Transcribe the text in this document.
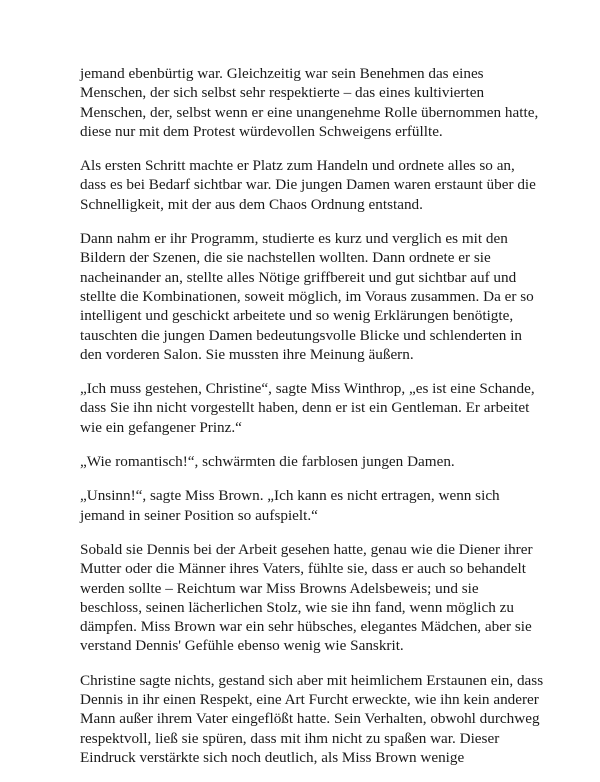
jemand ebenbürtig war. Gleichzeitig war sein Benehmen das eines
Menschen, der sich selbst sehr respektierte – das eines kultivierten
Menschen, der, selbst wenn er eine unangenehme Rolle übernommen hatte,
diese nur mit dem Protest würdevollen Schweigens erfüllte.

Als ersten Schritt machte er Platz zum Handeln und ordnete alles so an,
dass es bei Bedarf sichtbar war. Die jungen Damen waren erstaunt über die
Schnelligkeit, mit der aus dem Chaos Ordnung entstand.

Dann nahm er ihr Programm, studierte es kurz und verglich es mit den
Bildern der Szenen, die sie nachstellen wollten. Dann ordnete er sie
nacheinander an, stellte alles Nötige griffbereit und gut sichtbar auf und
stellte die Kombinationen, soweit möglich, im Voraus zusammen. Da er so
intelligent und geschickt arbeitete und so wenig Erklärungen benötigte,
tauschten die jungen Damen bedeutungsvolle Blicke und schlenderten in
den vorderen Salon. Sie mussten ihre Meinung äußern.

„Ich muss gestehen, Christine“, sagte Miss Winthrop, „es ist eine Schande,
dass Sie ihn nicht vorgestellt haben, denn er ist ein Gentleman. Er arbeitet
wie ein gefangener Prinz.“

„Wie romantisch!“, schwärmten die farblosen jungen Damen.

„Unsinn!“, sagte Miss Brown. „Ich kann es nicht ertragen, wenn sich
jemand in seiner Position so aufspielt.“

Sobald sie Dennis bei der Arbeit gesehen hatte, genau wie die Diener ihrer
Mutter oder die Männer ihres Vaters, fühlte sie, dass er auch so behandelt
werden sollte – Reichtum war Miss Browns Adelsbeweis; und sie
beschloss, seinen lächerlichen Stolz, wie sie ihn fand, wenn möglich zu
dämpfen. Miss Brown war ein sehr hübsches, elegantes Mädchen, aber sie
verstand Dennis' Gefühle ebenso wenig wie Sanskrit.

Christine sagte nichts, gestand sich aber mit heimlichem Erstaunen ein, dass
Dennis in ihr einen Respekt, eine Art Furcht erweckte, wie ihn kein anderer
Mann außer ihrem Vater eingeflößt hatte. Sein Verhalten, obwohl durchweg
respektvoll, ließ sie spüren, dass mit ihm nicht zu spaßen war. Dieser
Eindruck verstärkte sich noch deutlich, als Miss Brown wenige
